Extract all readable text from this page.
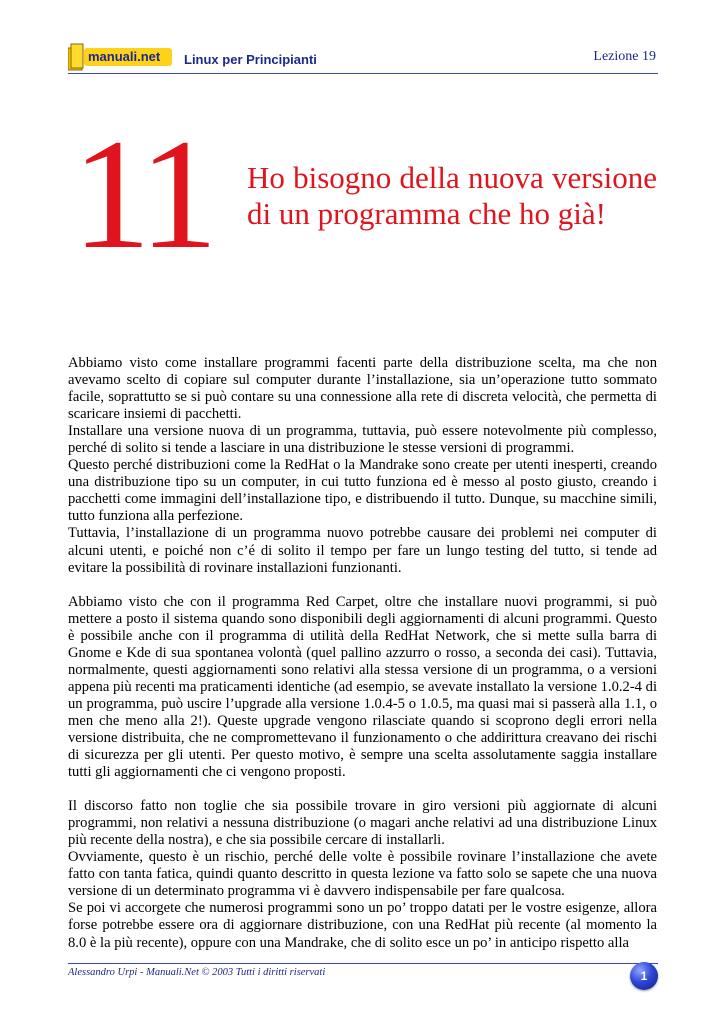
manuali.net Linux per Principianti	Lezione 19
11 Ho bisogno della nuova versione di un programma che ho già!

Abbiamo visto come installare programmi facenti parte della distribuzione scelta, ma che non avevamo scelto di copiare sul computer durante l’installazione, sia un’operazione tutto sommato facile, soprattutto se si può contare su una connessione alla rete di discreta velocità, che permetta di scaricare insiemi di pacchetti.

Installare una versione nuova di un programma, tuttavia, può essere notevolmente più complesso, perché di solito si tende a lasciare in una distribuzione le stesse versioni di programmi.

Questo perché distribuzioni come la RedHat o la Mandrake sono create per utenti inesperti, creando una distribuzione tipo su un computer, in cui tutto funziona ed è messo al posto giusto, creando i pacchetti come immagini dell’installazione tipo, e distribuendo il tutto. Dunque, su macchine simili, tutto funziona alla perfezione.

Tuttavia, l’installazione di un programma nuovo potrebbe causare dei problemi nei computer di alcuni utenti, e poiché non c’é di solito il tempo per fare un lungo testing del tutto, si tende ad evitare la possibilità di rovinare installazioni funzionanti.

Abbiamo visto che con il programma Red Carpet, oltre che installare nuovi programmi, si può mettere a posto il sistema quando sono disponibili degli aggiornamenti di alcuni programmi. Questo è possibile anche con il programma di utilità della RedHat Network, che si mette sulla barra di Gnome e Kde di sua spontanea volontà (quel pallino azzurro o rosso, a seconda dei casi). Tuttavia, normalmente, questi aggiornamenti sono relativi alla stessa versione di un programma, o a versioni appena più recenti ma praticamenti identiche (ad esempio, se avevate installato la versione 1.0.2-4 di un programma, può uscire l’upgrade alla versione 1.0.4-5 o 1.0.5, ma quasi mai si passerà alla 1.1, o men che meno alla 2!). Queste upgrade vengono rilasciate quando si scoprono degli errori nella versione distribuita, che ne compromettevano il funzionamento o che addirittura creavano dei rischi di sicurezza per gli utenti. Per questo motivo, è sempre una scelta assolutamente saggia installare tutti gli aggiornamenti che ci vengono proposti.

Il discorso fatto non toglie che sia possibile trovare in giro versioni più aggiornate di alcuni programmi, non relativi a nessuna distribuzione (o magari anche relativi ad una distribuzione Linux più recente della nostra), e che sia possibile cercare di installarli.

Ovviamente, questo è un rischio, perché delle volte è possibile rovinare l’installazione che avete fatto con tanta fatica, quindi quanto descritto in questa lezione va fatto solo se sapete che una nuova versione di un determinato programma vi è davvero indispensabile per fare qualcosa.

Se poi vi accorgete che numerosi programmi sono un po’ troppo datati per le vostre esigenze, allora forse potrebbe essere ora di aggiornare distribuzione, con una RedHat più recente (al momento la 8.0 è la più recente), oppure con una Mandrake, che di solito esce un po’ in anticipo rispetto alla

Alessandro Urpi - Manuali.Net © 2003 Tutti i diritti riservati	1
